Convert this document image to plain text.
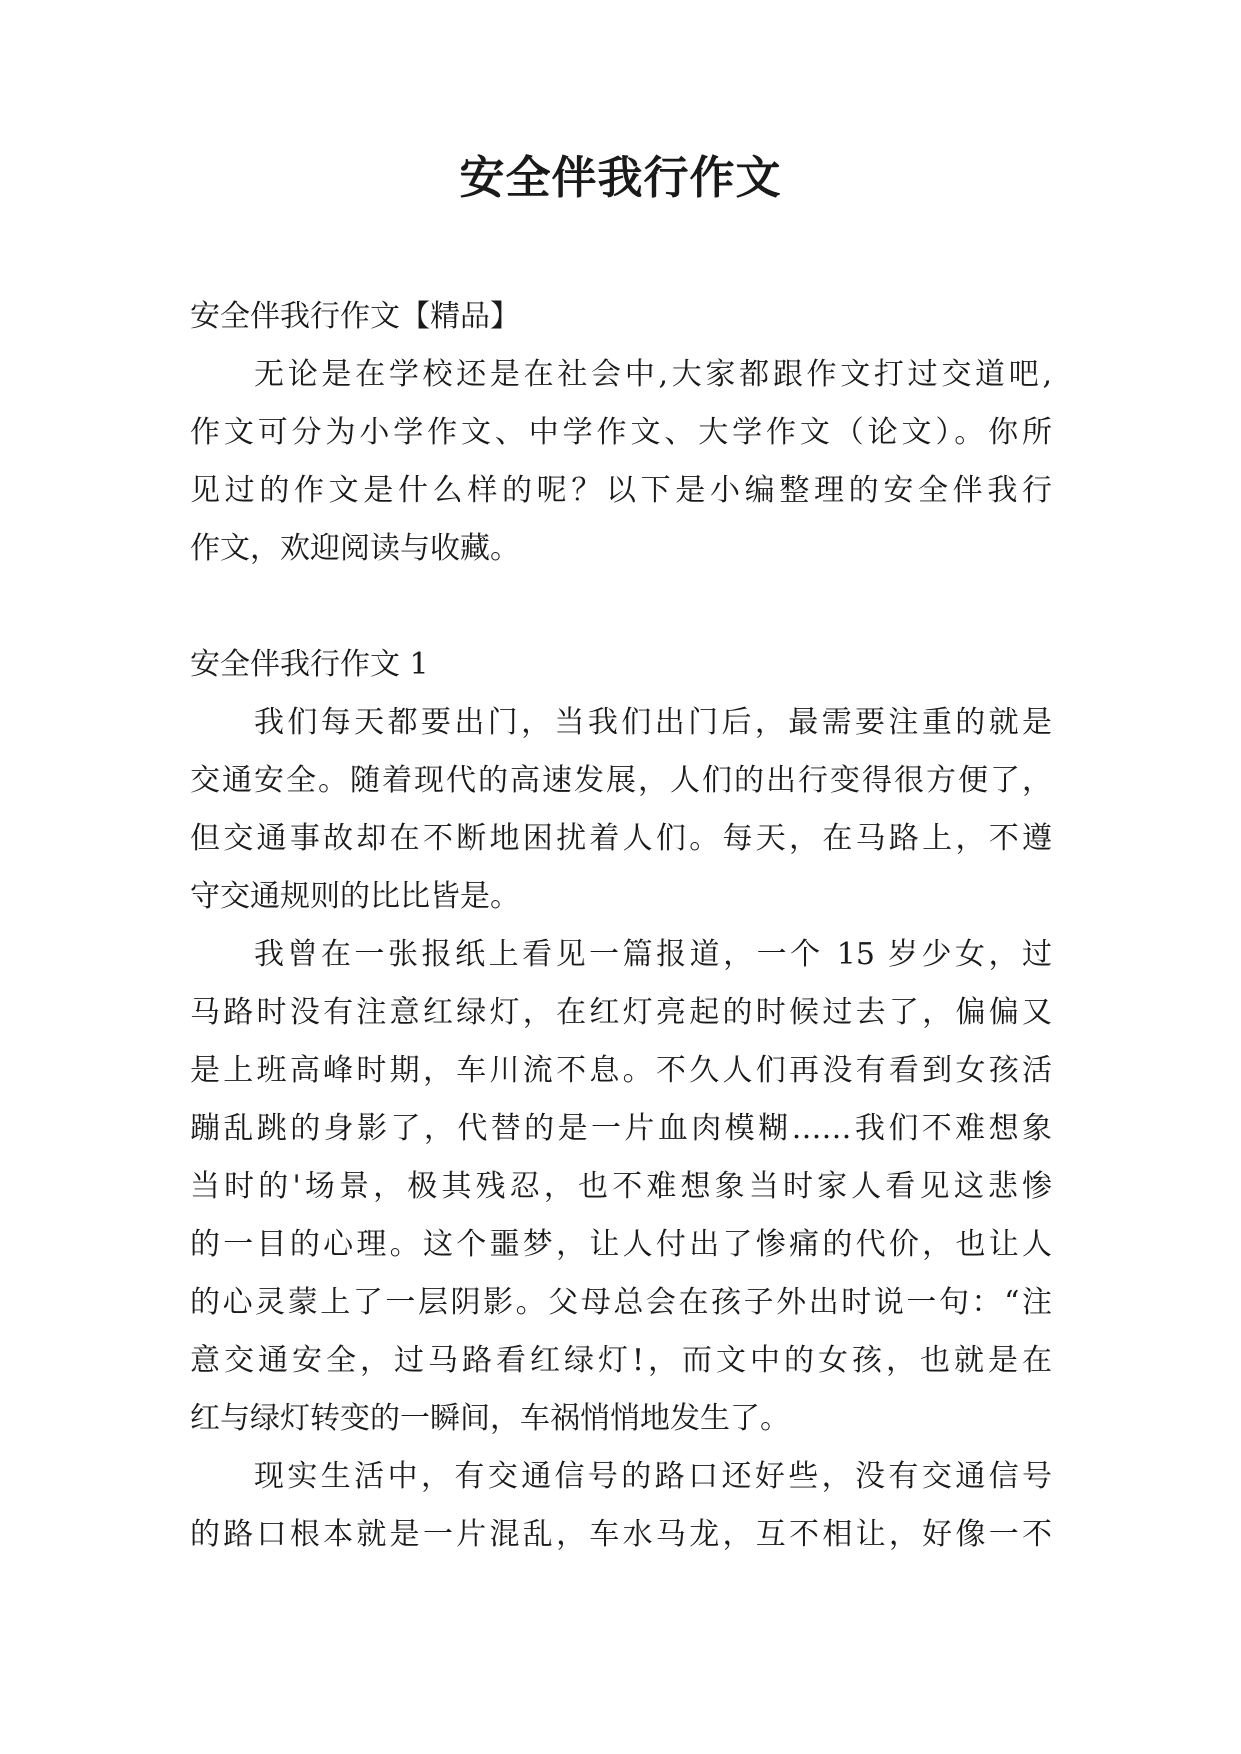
安全伴我行作文
安全伴我行作文【精品】
无论是在学校还是在社会中,大家都跟作文打过交道吧,
作文可分为小学作文、中学作文、大学作文（论文）。你所
见过的作文是什么样的呢？以下是小编整理的安全伴我行
作文，欢迎阅读与收藏。
安全伴我行作文 1
我们每天都要出门，当我们出门后，最需要注重的就是
交通安全。随着现代的高速发展，人们的出行变得很方便了，
但交通事故却在不断地困扰着人们。每天，在马路上，不遵
守交通规则的比比皆是。
我曾在一张报纸上看见一篇报道，一个 15 岁少女，过
马路时没有注意红绿灯，在红灯亮起的时候过去了，偏偏又
是上班高峰时期，车川流不息。不久人们再没有看到女孩活
蹦乱跳的身影了，代替的是一片血肉模糊……我们不难想象
当时的'场景，极其残忍，也不难想象当时家人看见这悲惨
的一目的心理。这个噩梦，让人付出了惨痛的代价，也让人
的心灵蒙上了一层阴影。父母总会在孩子外出时说一句：“注
意交通安全，过马路看红绿灯!，而文中的女孩，也就是在
红与绿灯转变的一瞬间，车祸悄悄地发生了。
现实生活中，有交通信号的路口还好些，没有交通信号
的路口根本就是一片混乱，车水马龙，互不相让，好像一不
